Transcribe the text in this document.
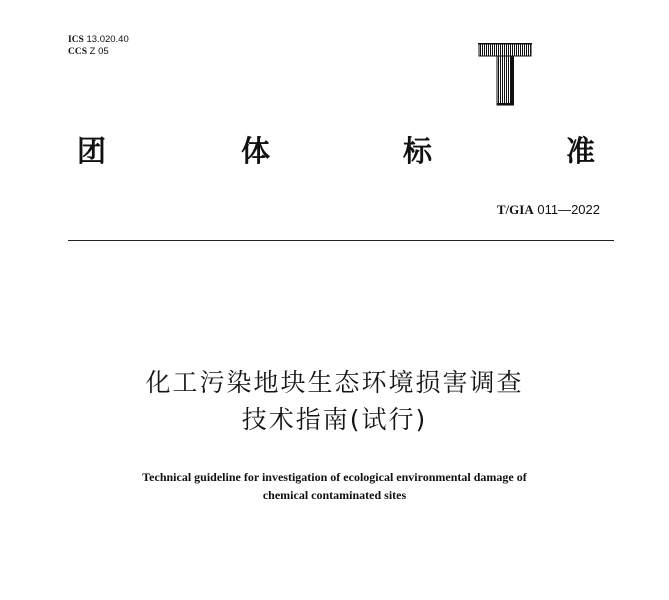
ICS 13.020.40
CCS Z 05
团	体	标	准
T/GIA 011—2022
化工污染地块生态环境损害调查
技术指南(试行)
Technical guideline for investigation of ecological environmental damage of
chemical contaminated sites
